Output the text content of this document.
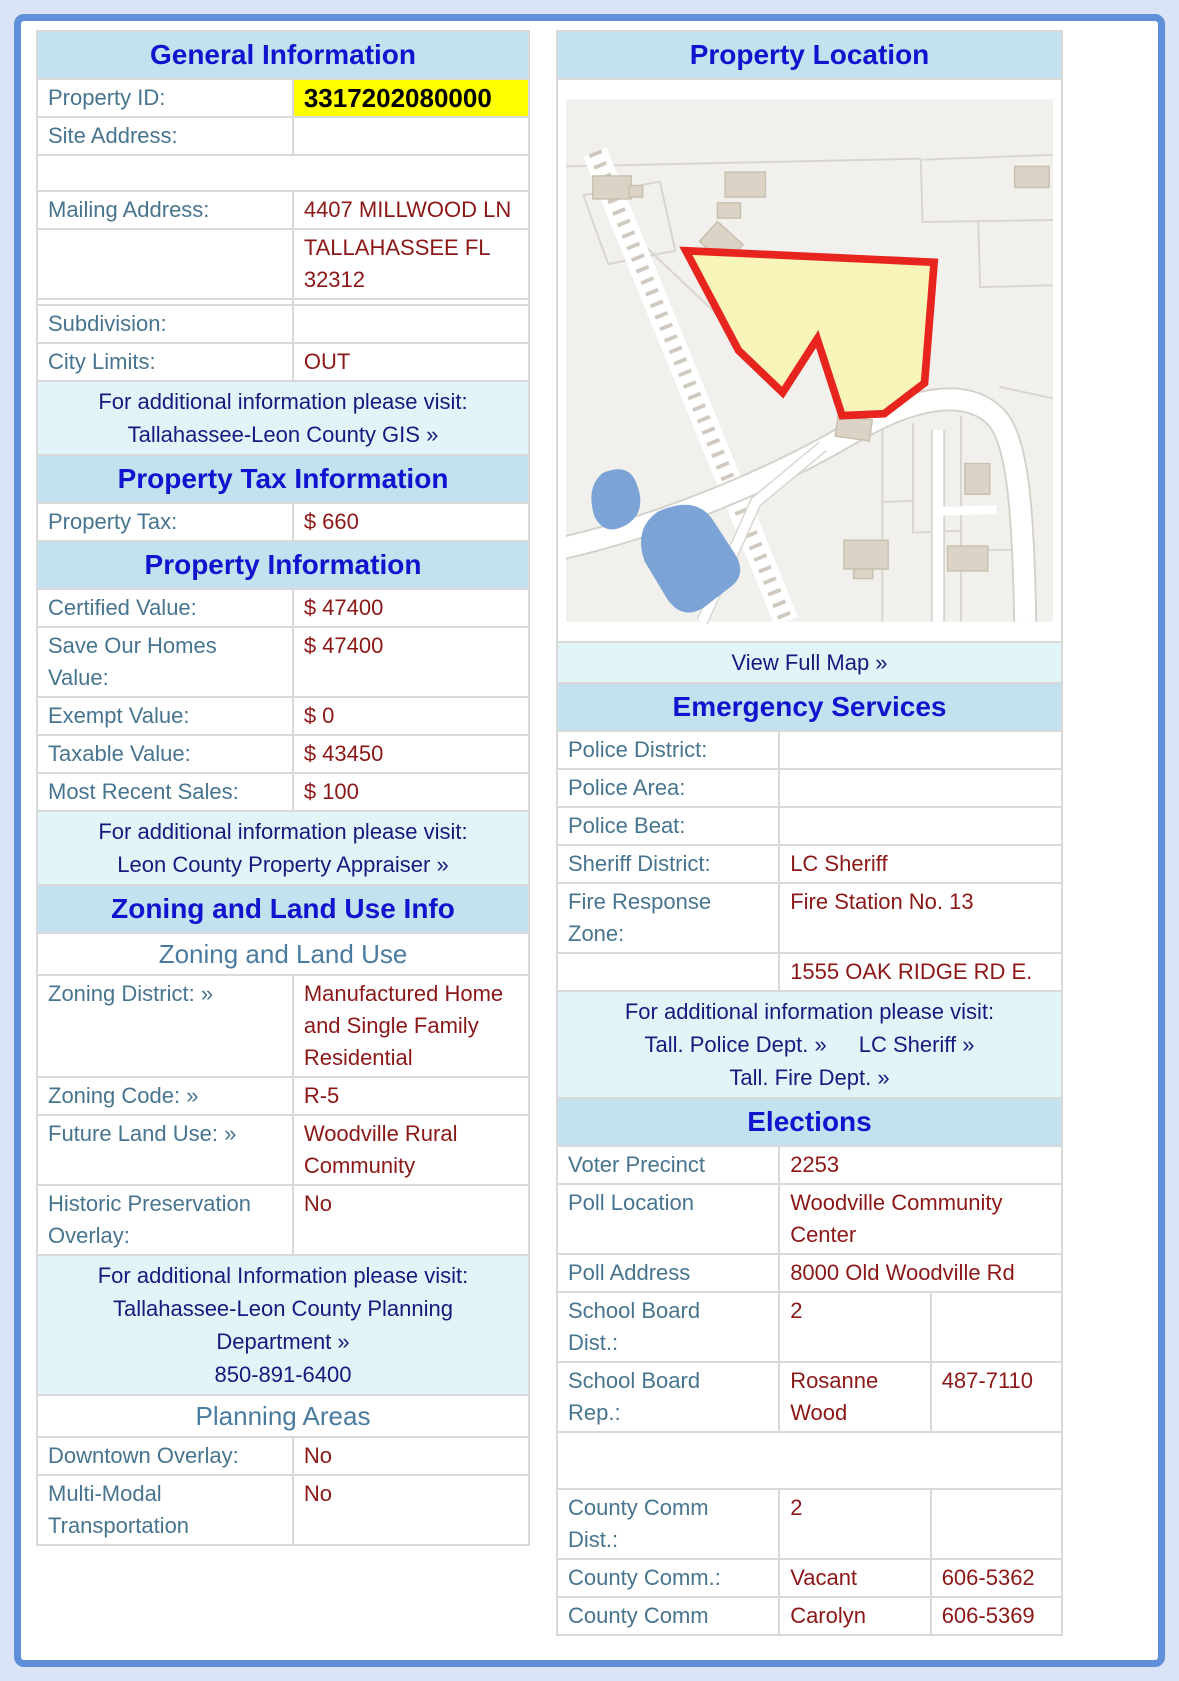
General Information	
Property ID:	3317202080000
Site Address:	

Mailing Address:	4407 MILLWOOD LN
	TALLAHASSEE FL 32312

Subdivision:	
City Limits:	OUT

For additional information please visit:
Tallahassee-Leon County GIS »	

Property Tax Information	
Property Tax:	$ 660
Property Information	
Certified Value:	$ 47400
Save Our Homes Value:	$ 47400
Exempt Value:	$ 0
Taxable Value:	$ 43450
Most Recent Sales:	$ 100

For additional information please visit:
Leon County Property Appraiser »	

Zoning and Land Use Info	
Zoning and Land Use	
Zoning District: »	Manufactured Home and Single Family Residential
Zoning Code: »	R-5
Future Land Use: »	Woodville Rural Community
Historic Preservation Overlay:	No

For additional Information please visit:
Tallahassee-Leon County Planning Department »
850-891-6400	

Planning Areas	
Downtown Overlay:	No
Multi-Modal Transportation	No
Property Location		

View Full Map »		

Emergency Services		
Police District:		
Police Area:		
Police Beat:		
Sheriff District:	LC Sheriff	
Fire Response Zone:	Fire Station No. 13	
	1555 OAK RIDGE RD E.	

For additional information please visit:
Tall. Police Dept. » LC Sheriff »Tall. Fire Dept. »		

Elections		
Voter Precinct	2253	
Poll Location	Woodville Community Center	
Poll Address	8000 Old Woodville Rd	
School Board Dist.:	2	
School Board Rep.:	Rosanne Wood	487-7110

County Comm Dist.:	2	
County Comm.:	Vacant	606-5362
County Comm	Carolyn	606-5369
